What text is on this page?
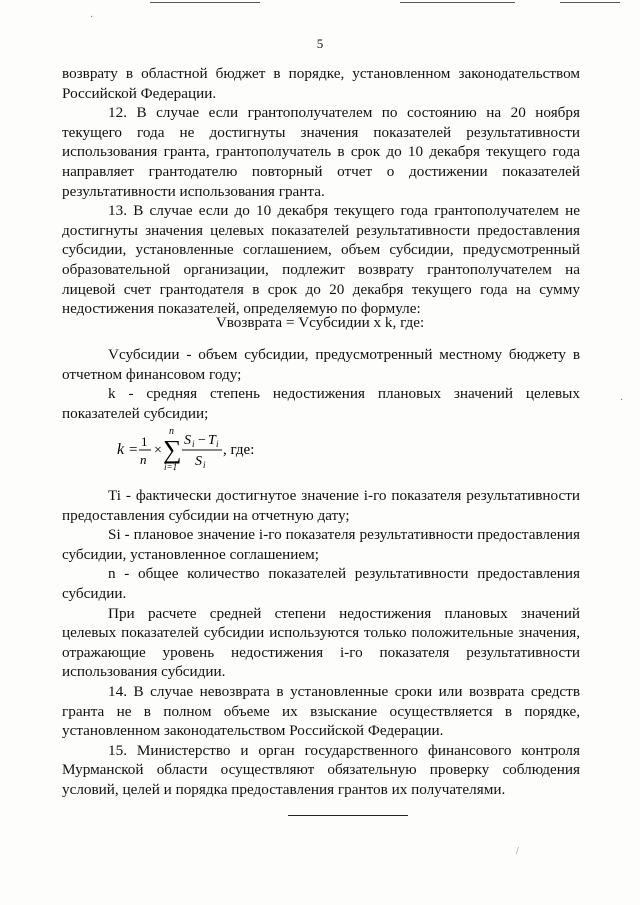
5

возврату в областной бюджет в порядке, установленном законодательством Российской Федерации.

12. В случае если грантополучателем по состоянию на 20 ноября текущего года не достигнуты значения показателей результативности использования гранта, грантополучатель в срок до 10 декабря текущего года направляет грантодателю повторный отчет о достижении показателей результативности использования гранта.

13. В случае если до 10 декабря текущего года грантополучателем не достигнуты значения целевых показателей результативности предоставления субсидии, установленные соглашением, объем субсидии, предусмотренный образовательной организации, подлежит возврату грантополучателем на лицевой счет грантодателя в срок до 20 декабря текущего года на сумму недостижения показателей, определяемую по формуле:

Vвозврата = Vсубсидии x k, где:

Vсубсидии - объем субсидии, предусмотренный местному бюджету в отчетном финансовом году;

k - средняя степень недостижения плановых значений целевых показателей субсидии;

k =
1
n
×
n
∑
i=1
S i − T i
S i
, где:

Ti - фактически достигнутое значение i-го показателя результативности предоставления субсидии на отчетную дату;

Si - плановое значение i-го показателя результативности предоставления субсидии, установленное соглашением;

n - общее количество показателей результативности предоставления субсидии.

При расчете средней степени недостижения плановых значений целевых показателей субсидии используются только положительные значения, отражающие уровень недостижения i-го показателя результативности использования субсидии.

14. В случае невозврата в установленные сроки или возврата средств гранта не в полном объеме их взыскание осуществляется в порядке, установленном законодательством Российской Федерации.

15. Министерство и орган государственного финансового контроля Мурманской области осуществляют обязательную проверку соблюдения условий, целей и порядка предоставления грантов их получателями.

·
·
/
